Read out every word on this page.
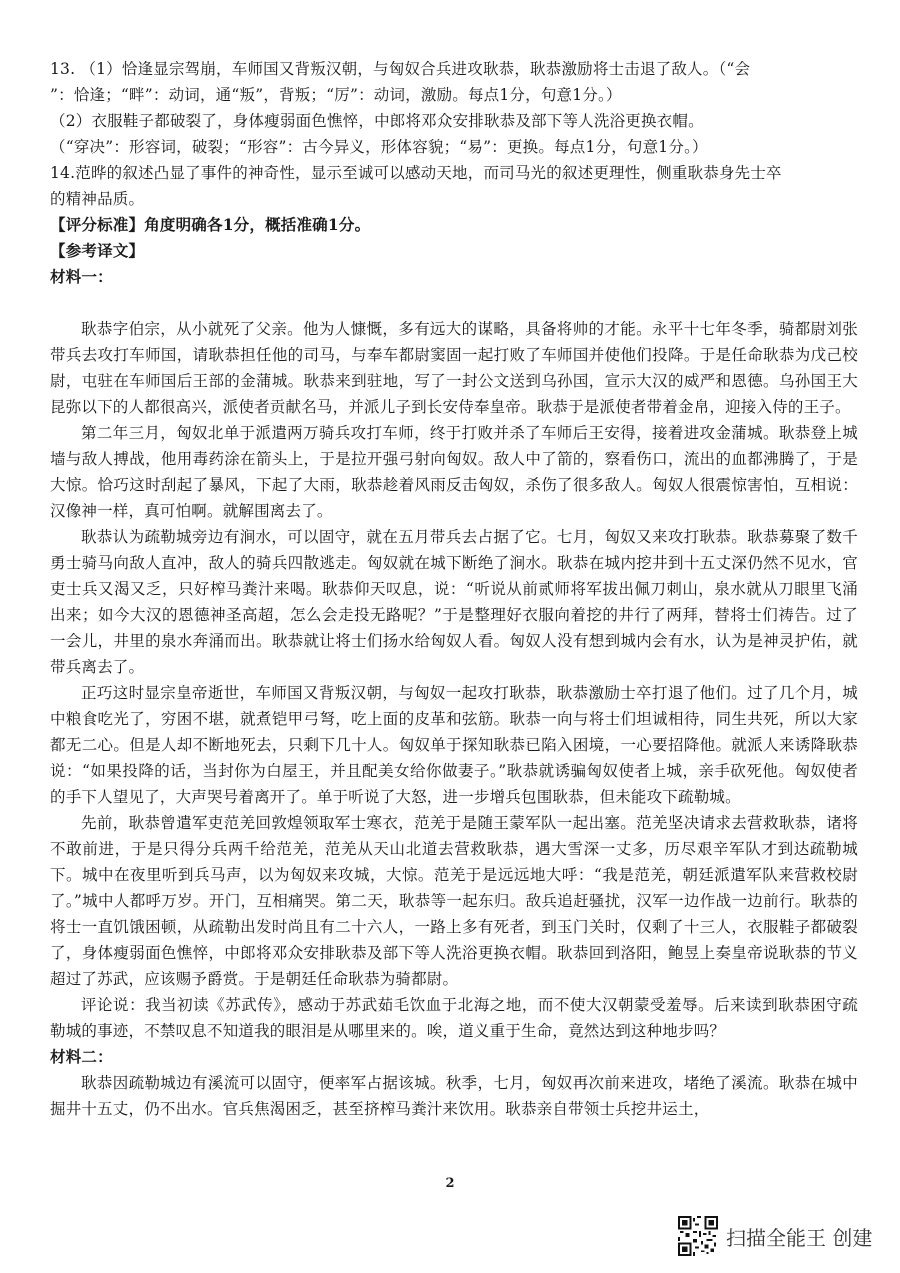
13. （1）恰逢显宗驾崩，车师国又背叛汉朝，与匈奴合兵进攻耿恭，耿恭激励将士击退了敌人。（“会

”：恰逢；“畔”：动词，通“叛”，背叛；“厉”：动词，激励。每点1分，句意1分。）

（2）衣服鞋子都破裂了，身体瘦弱面色憔悴，中郎将邓众安排耿恭及部下等人洗浴更换衣帽。

（“穿决”：形容词，破裂；“形容”：古今异义，形体容貌；“易”：更换。每点1分，句意1分。）

14.范晔的叙述凸显了事件的神奇性，显示至诚可以感动天地，而司马光的叙述更理性，侧重耿恭身先士卒

的精神品质。

【评分标准】角度明确各1分，概括准确1分。

【参考译文】

材料一：

耿恭字伯宗，从小就死了父亲。他为人慷慨，多有远大的谋略，具备将帅的才能。永平十七年冬季，骑都尉刘张带兵去攻打车师国，请耿恭担任他的司马，与奉车都尉窦固一起打败了车师国并使他们投降。于是任命耿恭为戊己校尉，屯驻在车师国后王部的金蒲城。耿恭来到驻地，写了一封公文送到乌孙国，宣示大汉的威严和恩德。乌孙国王大昆弥以下的人都很高兴，派使者贡献名马，并派儿子到长安侍奉皇帝。耿恭于是派使者带着金帛，迎接入侍的王子。

第二年三月，匈奴北单于派遣两万骑兵攻打车师，终于打败并杀了车师后王安得，接着进攻金蒲城。耿恭登上城墙与敌人搏战，他用毒药涂在箭头上，于是拉开强弓射向匈奴。敌人中了箭的，察看伤口，流出的血都沸腾了，于是大惊。恰巧这时刮起了暴风，下起了大雨，耿恭趁着风雨反击匈奴，杀伤了很多敌人。匈奴人很震惊害怕，互相说：汉像神一样，真可怕啊。就解围离去了。

耿恭认为疏勒城旁边有涧水，可以固守，就在五月带兵去占据了它。七月，匈奴又来攻打耿恭。耿恭募聚了数千勇士骑马向敌人直冲，敌人的骑兵四散逃走。匈奴就在城下断绝了涧水。耿恭在城内挖井到十五丈深仍然不见水，官吏士兵又渴又乏，只好榨马粪汁来喝。耿恭仰天叹息，说：“听说从前贰师将军拔出佩刀刺山，泉水就从刀眼里飞涌出来；如今大汉的恩德神圣高超，怎么会走投无路呢？”于是整理好衣服向着挖的井行了两拜，替将士们祷告。过了一会儿，井里的泉水奔涌而出。耿恭就让将士们扬水给匈奴人看。匈奴人没有想到城内会有水，认为是神灵护佑，就带兵离去了。

正巧这时显宗皇帝逝世，车师国又背叛汉朝，与匈奴一起攻打耿恭，耿恭激励士卒打退了他们。过了几个月，城中粮食吃光了，穷困不堪，就煮铠甲弓弩，吃上面的皮革和弦筋。耿恭一向与将士们坦诚相待，同生共死，所以大家都无二心。但是人却不断地死去，只剩下几十人。匈奴单于探知耿恭已陷入困境，一心要招降他。就派人来诱降耿恭说：“如果投降的话，当封你为白屋王，并且配美女给你做妻子。”耿恭就诱骗匈奴使者上城，亲手砍死他。匈奴使者的手下人望见了，大声哭号着离开了。单于听说了大怒，进一步增兵包围耿恭，但未能攻下疏勒城。

先前，耿恭曾遣军吏范羌回敦煌领取军士寒衣，范羌于是随王蒙军队一起出塞。范羌坚决请求去营救耿恭，诸将不敢前进，于是只得分兵两千给范羌，范羌从天山北道去营救耿恭，遇大雪深一丈多，历尽艰辛军队才到达疏勒城下。城中在夜里听到兵马声，以为匈奴来攻城，大惊。范羌于是远远地大呼：“我是范羌，朝廷派遣军队来营救校尉了。”城中人都呼万岁。开门，互相痛哭。第二天，耿恭等一起东归。敌兵追赶骚扰，汉军一边作战一边前行。耿恭的将士一直饥饿困顿，从疏勒出发时尚且有二十六人，一路上多有死者，到玉门关时，仅剩了十三人，衣服鞋子都破裂了，身体瘦弱面色憔悴，中郎将邓众安排耿恭及部下等人洗浴更换衣帽。耿恭回到洛阳，鲍昱上奏皇帝说耿恭的节义超过了苏武，应该赐予爵赏。于是朝廷任命耿恭为骑都尉。

评论说：我当初读《苏武传》，感动于苏武茹毛饮血于北海之地，而不使大汉朝蒙受羞辱。后来读到耿恭困守疏勒城的事迹，不禁叹息不知道我的眼泪是从哪里来的。唉，道义重于生命，竟然达到这种地步吗？

材料二：

耿恭因疏勒城边有溪流可以固守，便率军占据该城。秋季，七月，匈奴再次前来进攻，堵绝了溪流。耿恭在城中掘井十五丈，仍不出水。官兵焦渴困乏，甚至挤榨马粪汁来饮用。耿恭亲自带领士兵挖井运土，

2
扫描全能王 创建
